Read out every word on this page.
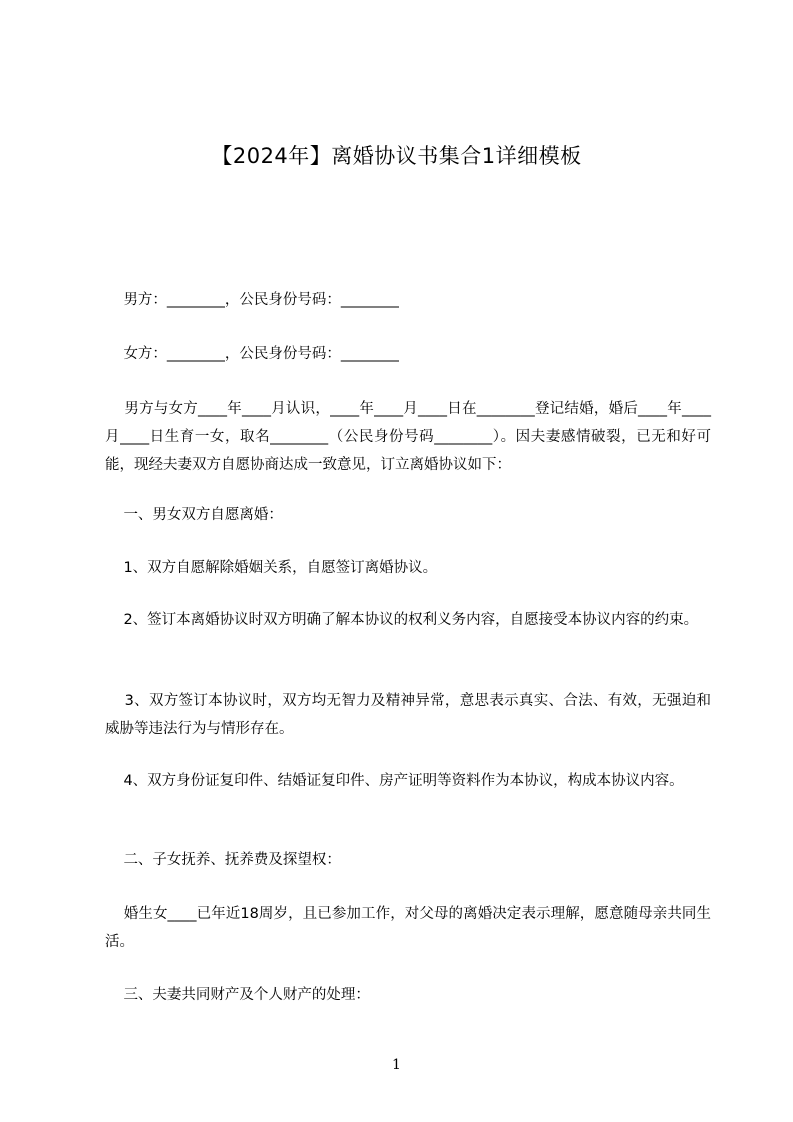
【2024年】离婚协议书集合1详细模板

男方：________，公民身份号码：________

女方：________，公民身份号码：________

男方与女方____年____月认识，____年____月____日在________登记结婚，婚后____年____月____日生育一女，取名________（公民身份号码________）。因夫妻感情破裂，已无和好可能，现经夫妻双方自愿协商达成一致意见，订立离婚协议如下：

一、男女双方自愿离婚：

1、双方自愿解除婚姻关系，自愿签订离婚协议。

2、签订本离婚协议时双方明确了解本协议的权利义务内容，自愿接受本协议内容的约束。

3、双方签订本协议时，双方均无智力及精神异常，意思表示真实、合法、有效，无强迫和威胁等违法行为与情形存在。

4、双方身份证复印件、结婚证复印件、房产证明等资料作为本协议，构成本协议内容。

二、子女抚养、抚养费及探望权：

婚生女____已年近18周岁，且已参加工作，对父母的离婚决定表示理解，愿意随母亲共同生活。

三、夫妻共同财产及个人财产的处理：

1
